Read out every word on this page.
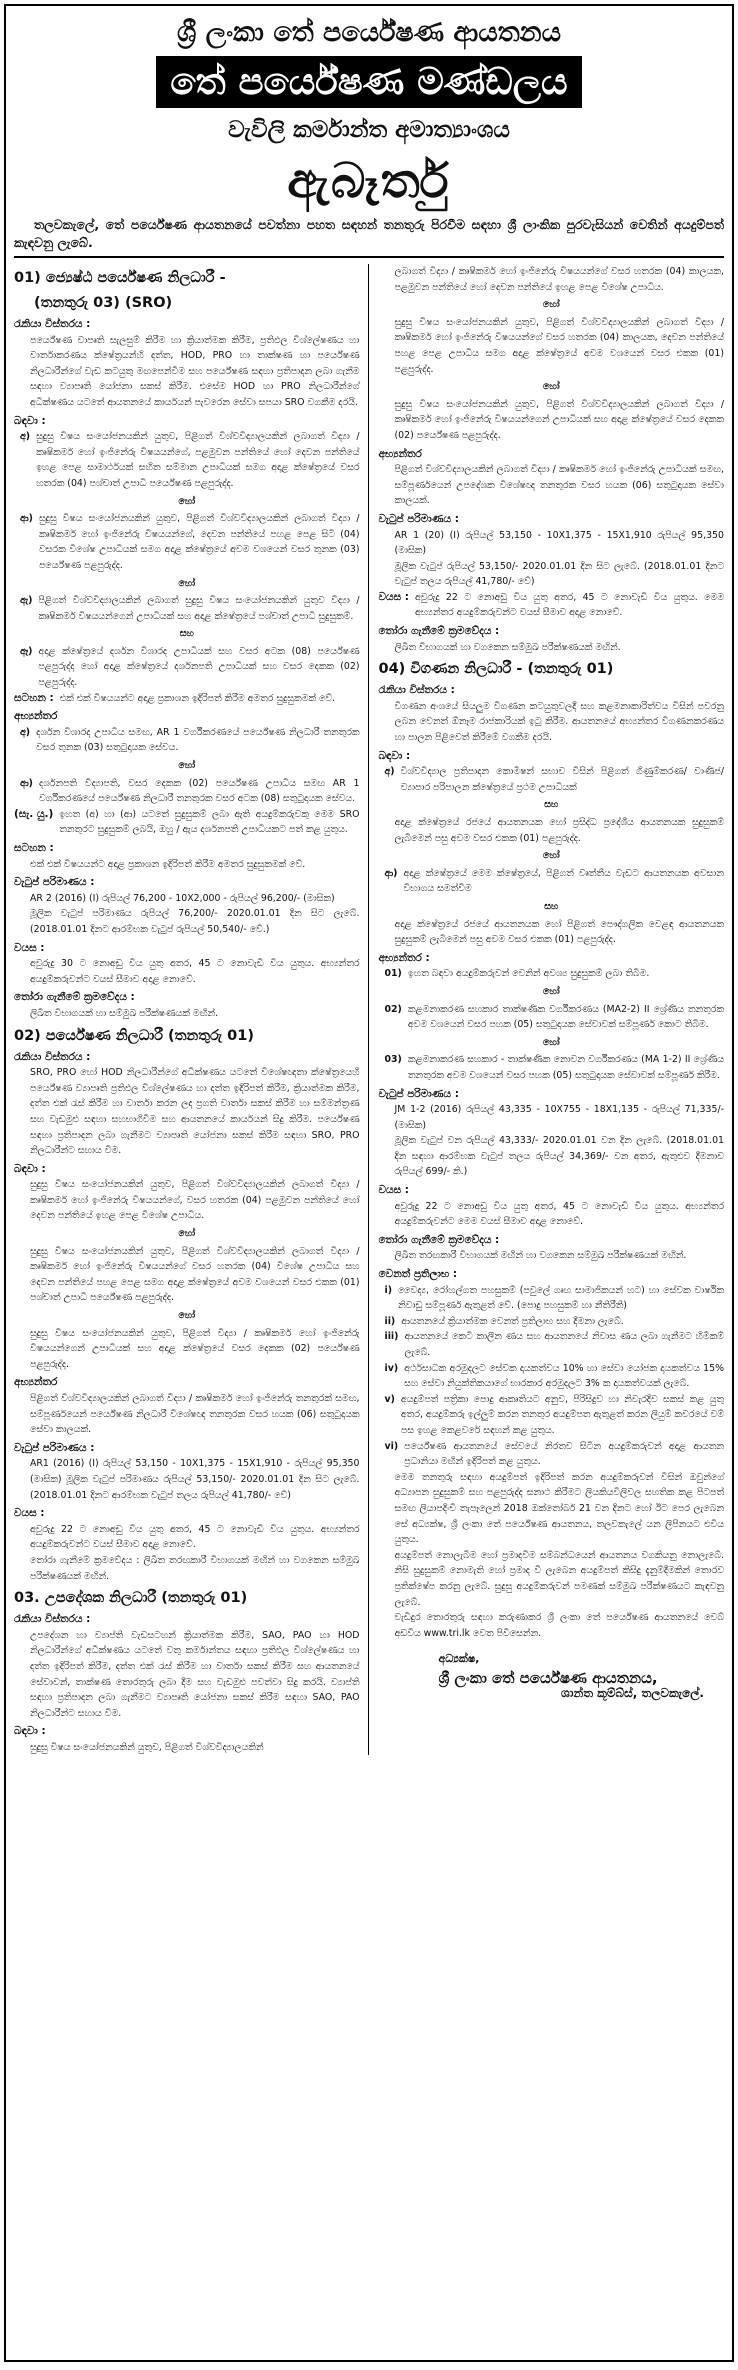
ශ්‍රී ලංකා තේ පර්යේෂණ ආයතනය
තේ පර්යේෂණ මණ්ඩලය
වැවිලි කර්මාන්ත අමාත්‍යාංශය
ඇබෑර්තු
තලවකැලේ, තේ පර්යේෂණ ආයතනයේ පවත්නා පහත සඳහන් තනතුරු පිරවීම සඳහා ශ්‍රී ලාංකික පුරවැසියන් වෙතින් අයදුම්පත් කැඳවනු ලැබේ.
01) ජ්‍යෙෂ්ඨ පර්යේෂණ නිලධාරී -
(තනතුරු 03) (SRO)
රැකියා විස්තරය :
පර්යේෂණ වාපෘති සැලසුම් කිරීම හා ක්‍රියාත්මක කිරීම, ප්‍රතිඵල විශ්ලේෂණය හා වාර්තාකරණය ක්ෂේත්‍රයන්හි දත්ත, HOD, PRO හා තාක්ෂණ හා පර්යේෂණ නිලධාරීන්ගේ වැඩ කටයුතු මඟපෙන්වීම සහ පර්යේෂණ සඳහා ප්‍රතිපාදන ලබා ගැනීම සඳහා ව්‍යාපෘති යෝජනා සකස් කිරීම. එසේම HOD හා PRO නිලධාරීන්ගේ අධීක්ෂණය යටතේ ආයතනයේ කාර්යයන් පැවරෙන සේවා සපයා SRO වගකීම දරයි.
බඳවා :
අ) සුදුසු විෂය සංයෝජනයකින් යුතුව, පිළිගත් විශ්වවිද්‍යාලයකින් ලබාගත් විද්‍යා / කෘෂිකර්ම හෝ ඉංජිනේරු විෂයයන්ගේ, පළමුවන පන්තියේ හෝ දෙවන පන්තියේ ඉහළ පෙළ සාමාර්ථයක් සහිත සම්මාන උපාධියක් සමග අදාළ ක්ෂේත්‍රයේ වසර හතරක (04) පශ්චාත් උපාධි පර්යේෂණ පළපුරුද්ද.
හෝ
ආ) සුදුසු විෂය සංයෝජනයකින් යුතුව, පිළිගත් විශ්වවිද්‍යාලයකින් ලබාගත් විද්‍යා / කෘෂිකර්ම හෝ ඉංජිනේරු විෂයයන්ගේ, දෙවන පන්තියේ පහළ පෙළ සිටි (04) වසරක විශේෂ උපාධියක් සමග අදාළ ක්ෂේත්‍රයේ අවම වශයෙන් වසර තුනක (03) පර්යේෂණ පළපුරුද්ද.
හෝ
ඇ) පිළිගත් විශ්වවිද්‍යාලයකින් ලබාගත් සුදුසු විෂය සංයෝජනයකින් යුතුව විද්‍යා / කෘෂිකර්ම විෂයයන්ගෙන් උපාධියක් සහ අදාළ ක්ෂේත්‍රයේ පශ්චාත් උපාධි සුදුසුකම්.
සහ
ඈ) අදාළ ක්ෂේත්‍රයේ දර්ශන විශාරද උපාධියක් සහ වසර අටක (08) පර්යේෂණ පළපුරුද්ද හෝ අදාළ ක්ෂේත්‍රයේ දර්ශනපති උපාධියක් සහ වසර දෙකක (02) පළපුරුද්ද.
සටහන : එක් එක් විෂයයන්ට අදාළ ප්‍රකාශන ඉදිරිපත් කිරීම අමතර සුදුසුකමක් වේ.
අභ්‍යන්තර
අ) දර්ශන විශාරද උපාධිය සමඟ, AR 1 වර්ගීකරණයේ පර්යේෂණ නිලධාරී තනතුරක වසර තුනක (03) සතුටුදායක සේවය.
හෝ
ආ) දර්ශනපති විද්‍යාපති, වසර දෙකක (02) පර්යේෂණ උපාධිය සමඟ AR 1 වර්ගීකරණයේ පර්යේෂණ නිලධාරී තනතුරක වසර අටක (08) සතුටුදායක සේවය.
(සැ. යු.) ඉහත (අ) හා (ආ) යටතේ සුදුසුකම් ලබා ඇති අයදුම්කරුවකු මෙම SRO තනතුරට සුදුසුකම් ලබයි, ඔහු / ඇය දර්ශනපති උපාධියකට පත් කළ යුතුය.
සටහන :
එක් එක් විෂයයන්ට අදාළ ප්‍රකාශන ඉදිරිපත් කිරීම අමතර සුදුසුකමක් වේ.
වැටුප් පරිමාණය :
AR 2 (2016) (I) රුපියල් 76,200 - 10X2,000 - රුපියල් 96,200/- (මාසික)
මූලික වැටුප් පරිමාණය රුපියල් 76,200/- 2020.01.01 දින සිට ලැබේ. (2018.01.01 දිනට ආරම්භක වැටුප් රුපියල් 50,540/- වේ.)
වයස :
අවුරුදු 30 ට නොඅඩු විය යුතු අතර, 45 ට නොවැඩි විය යුතුය. අභ්‍යන්තර අයදුම්කරුවන්ට වයස් සීමාව අදාළ නොවේ.
තෝරා ගැනීමේ ක්‍රමවේදය :
ලිඛිත විභාගයක් හා සම්මුඛ පරීක්ෂණයක් මඟින්.
02) පර්යේෂණ නිලධාරී (තනතුරු 01)
රැකියා විස්තරය :
SRO, PRO හෝ HOD නිලධාරීන්ගේ අධීක්ෂණය යටතේ විශේෂඥතා ක්ෂේත්‍රයෙහි පර්යේෂණ ව්‍යාපෘති ප්‍රතිඵල විශ්ලේෂණය හා දත්ත ඉදිරිපත් කිරීම, ක්‍රියාත්මක කිරීම, දත්ත එක් රැස් කිරීම හා වාර්තා කරන ලද ප්‍රගති වාර්තා සකස් කිරීම හා සම්මන්ත්‍රණ සහ වැඩමුළු සඳහා සහභාගිවීම සහ ආයතනයේ කාර්යයන් සිදු කිරීම. පර්යේෂණ සඳහා ප්‍රතිපාදන ලබා ගැනීමට ව්‍යාපෘති යෝජනා සකස් කිරීම සඳහා SRO, PRO නිලධාරීන්ට සහාය වීම.
බඳවා :
සුදුසු විෂය සංයෝජනයකින් යුතුව, පිළිගත් විශ්වවිද්‍යාලයකින් ලබාගත් විද්‍යා / කෘෂිකර්ම හෝ ඉංජිනේරු විෂයයන්ගේ, වසර හතරක (04) පළමුවන පන්තියේ හෝ දෙවන පන්තියේ ඉහළ පෙළ විශේෂ උපාධිය.
හෝ
සුදුසු විෂය සංයෝජනයකින් යුතුව, පිළිගත් විශ්වවිද්‍යාලයකින් ලබාගත් විද්‍යා / කෘෂිකර්ම හෝ ඉංජිනේරු විෂයයන්ගේ වසර හතරක (04) විශේෂ උපාධිය සහ දෙවන පන්තියේ පහළ පෙළ සමග අදාළ ක්ෂේත්‍රයේ අවම වශයෙන් වසර එකක (01) පශ්චාත් උපාධි පර්යේෂණ පළපුරුද්ද.
හෝ
සුදුසු විෂය සංයෝජනයකින් යුතුව, පිළිගත් විද්‍යා / කෘෂිකර්ම හෝ ඉංජිනේරු විෂයයන්ගෙන් උපාධියක් සහ අදාළ ක්ෂේත්‍රයේ වසර දෙකක (02) පර්යේෂණ පළපුරුද්ද.
අභ්‍යන්තර
පිළිගත් විශ්වවිද්‍යාලයකින් ලබාගත් විද්‍යා / කෘෂිකර්ම හෝ ඉංජිනේරු තනතුරක් සමඟ, සම්පූර්ණයෙන් පර්යේෂණ නිලධාරී විශේෂඥ තනතුරක වසර හයක (06) සතුටුදායක සේවා කාලයක්.
වැටුප් පරිමාණය :
AR1 (2016) (I) රුපියල් 53,150 - 10X1,375 - 15X1,910 - රුපියල් 95,350 (මාසික) මූලික වැටුප් පරිමාණය රුපියල් 53,150/- 2020.01.01 දින සිට ලැබේ. (2018.01.01 දිනට ආරම්භක වැටුප් තලය රුපියල් 41,780/- වේ)
වයස :
අවුරුදු 22 ට නොඅඩු විය යුතු අතර, 45 ට නොවැඩි විය යුතුය. අභ්‍යන්තර අයදුම්කරුවන්ට වයස් සීමාව අදාළ නොවේ.
තෝරා ගැනීමේ ක්‍රමවේදය : ලිඛිත තරඟකාරී විභාගයක් මඟින් හා වගකෙන සම්මුඛ පරීක්ෂණයක් මඟින්.
03. උපදේශක නිලධාරී (තනතුරු 01)
රැකියා විස්තරය :
උපදේශන හා ව්‍යාප්ති වැඩසටහන් ක්‍රියාත්මක කිරීම, SAO, PAO හා HOD නිලධාරීන්ගේ අධීක්ෂණය යටතේ වතු කර්මාන්තය සඳහා ප්‍රතිඵල විශ්ලේෂණය හා දත්ත ඉදිරිපත් කිරීම, දත්ත එක් රැස් කිරීම හා වාර්තා සකස් කිරීම සහ ආයතනයේ සේවාවන්, තාක්ෂණ තොරතුරු ලබා දීම සහ වැඩමුළු පවත්වා සිදු කරයි. ව්‍යාප්ති සඳහා ප්‍රතිපාදන ලබා ගැනීමට ව්‍යාපෘති යෝජනා සකස් කිරීම සඳහා SAO, PAO නිලධාරීන්ට සහාය වීම.
බඳවා :
සුදුසු විෂය සංයෝජනයකින් යුතුව, පිළිගත් විශ්වවිද්‍යාලයකින්
ලබාගත් විද්‍යා / කෘෂිකර්ම හෝ ඉංජිනේරු විෂයයන්ගේ වසර හතරක (04) කාලයක, පළමුවන පන්තියේ හෝ දෙවන පන්තියේ ඉහළ පෙළ විශේෂ උපාධිය.
හෝ
සුදුසු විෂය සංයෝජනයකින් යුතුව, පිළිගත් විශ්වවිද්‍යාලයකින් ලබාගත් විද්‍යා / කෘෂිකර්ම හෝ ඉංජිනේරු විෂයයන්ගේ වසර හතරක (04) කාලයක, දෙවන පන්තියේ පහළ පෙළ උපාධිය සමග අදාළ ක්ෂේත්‍රයේ අවම වශයෙන් වසර එකක (01) පළපුරුද්ද.
හෝ
සුදුසු විෂය සංයෝජනයකින් යුතුව, පිළිගත් විශ්වවිද්‍යාලයකින් ලබාගත් විද්‍යා / කෘෂිකර්ම හෝ ඉංජිනේරු විෂයයන්ගෙන් උපාධියක් සහ අදාළ ක්ෂේත්‍රයේ වසර දෙකක (02) පර්යේෂණ පළපුරුද්ද.
අභ්‍යන්තර
පිළිගත් විශ්වවිද්‍යාලයකින් ලබාගත් විද්‍යා / කෘෂිකර්ම හෝ ඉංජිනේරු උපාධියක් සමඟ, සම්පූර්ණයෙන් උපදේශක විශේෂඥ තනතුරක වසර හයක (06) සතුටුදායක සේවා කාලයක්.
වැටුප් පරිමාණය :
AR 1 (20) (I) රුපියල් 53,150 - 10X1,375 - 15X1,910 රුපියල් 95,350 (මාසික)
මූලික වැටුප් රුපියල් 53,150/- 2020.01.01 දින සිට ලැබේ. (2018.01.01 දිනට වැටුප් තලය රුපියල් 41,780/- වේ)
වයස : අවුරුදු 22 ට නොඅඩු විය යුතු අතර, 45 ට නොවැඩි විය යුතුය. මෙම අභ්‍යන්තර අයදුම්කරුවන්ට වයස් සීමාව අදාළ නොවේ.
තෝරා ගැනීමේ ක්‍රමවේදය :
ලිඛිත විභාගයක් හා වගකෙන සම්මුඛ පරීක්ෂණයක් මඟින්.
04) විගණන නිලධාරී - (තනතුරු 01)
රැකියා විස්තරය :
විගණන අංශයේ සියලුම විගණන කටයුතුවලදී සහ කළමනාකාරිත්වය විසින් පවරනු ලබන වෙනත් ඕනෑම රාජකාරියක් ඉටු කිරීම. ආයතනයේ අභ්‍යන්තර විගණනකරණය හා පාලන පිළිවෙත් කිරීමේ වගකීම දරයි.
බඳවා :
අ) විශ්වවිද්‍යාල ප්‍රතිපාදන කොමිෂන් සභාව විසින් පිළිගත් ගිණුම්කරණ/ වාණිජ/ ව්‍යාපාර පරිපාලන ක්ෂේත්‍රයේ ප්‍රථම උපාධියක්
සහ
අදාළ ක්ෂේත්‍රයේ රජයේ ආයතනයක හෝ ප්‍රසිද්ධ ප්‍රදේශීය ආයතනයක සුදුසුකම් ලැබීමෙන් පසු අවම වසර එකක (01) පළපුරුද්ද.
හෝ
ආ) අදාළ ක්ෂේත්‍රයේ මෙම ක්ෂේත්‍රයේ, පිළිගත් වෘත්තීය වැඩට ආයතනයක අවසාන විභාගය සමත්වීම
සහ
අදාළ ක්ෂේත්‍රයේ රජයේ ආයතනයක හෝ පිළිගත් පෞද්ගලික වෙළඳ ආයතනයක සුදුසුකම් ලැබීමෙන් පසු අවම වසර එකක (01) පළපුරුද්ද.
අභ්‍යන්තර :
01) ඉහත බඳවා අයදුම්කරුවන් වෙනින් අවශ්‍ය සුදුසුකම් ලබා තිබීම.
හෝ
02) කළමනාකරණ සහකාර තාක්ෂණික වර්ගීකරණය (MA2-2) II ශ්‍රේණිය තනතුරක අවම වශයෙන් වසර පහක (05) සතුටුදායක සේවාවක් සම්පූර්ණ කොට තිබීම.
හෝ
03) කළමනාකරණ සහකාර - තාක්ෂණික නොවන වර්ගීකරණය (MA 1-2) II ශ්‍රේණිය තනතුරක අවම වශයෙන් වසර පහක (05) සතුටුදායක සේවාවක් සම්පූර්ණ කිරීම.
වැටුප් පරිමාණය :
JM 1-2 (2016) රුපියල් 43,335 - 10X755 - 18X1,135 - රුපියල් 71,335/- (මාසික)
මූලික වැටුප් වන රුපියල් 43,333/- 2020.01.01 වන දින ලැබේ. (2018.01.01 දින සඳහා ආරම්භක වැටුප් තලය රුපියල් 34,369/- වන අතර, ඇතුළුව දීමනාව රුපියල් 699/- කි.)
වයස :
අවුරුදු 22 ට නොඅඩු විය යුතු අතර, 45 ට නොවැඩි විය යුතුය. අභ්‍යන්තර අයදුම්කරුවන්ට මෙම වයස් සීමාව අදාළ නොවේ.
තෝරා ගැනීමේ ක්‍රමවේදය :
ලිඛිත තරඟකාරී විභාගයක් මඟින් හා වගකෙන සම්මුඛ පරීක්ෂණයක් මඟින්.
වෙනත් ප්‍රතිලාභ :
i) වෛද්‍ය, රෝහල්ගත පහසුකම් (පවුලේ ගෘහ සාමාජිකයන් හට) හා සේවක වාර්ෂික නිවාඩු සම්පූර්ණ ඇතුළත් වේ. (පොදු පහසුකම් හා නීතිරීති)
ii) ආයතනයේ ක්‍රියාත්මක වෙනත් ප්‍රතිලාභ සහ දීමනා ලැබේ.
iii) ආයතනයේ කෙටි කාලීන ණය සහ ආයතනයේ නිවාස ණය ලබා ගැනීමට හිමිකම් ලැබේ.
iv) අර්ථසාධක අරමුදලට සේවක දායකත්වය 10% හා සේවා යෝජක දායකත්වය 15% සහ සේවා නියුක්තිකයාගේ භාරකාර අරමුදලට 3% ක දායකත්වයක් ලැබේ.
v) අයදුම්පත් පත්‍රිකා පොදු ආකෘතියට අනුව, පිරිසිදුව හා නිවැරදිව සකස් කළ යුතු අතර, අයදුම්කරු ඉල්ලුම් කරන තනතුර අයදුම්පත ඇතුළත් කරන ලියුම් කවරයේ වම් පස ඉහළ කෙළවරේ සඳහන් කළ යුතුය.
vi) පර්යේෂණ ආයතනයේ සේවයේ නිරතව සිටින අයදුම්කරුවන් අදාළ ආයතන ප්‍රධානියා මඟින් ඉදිරිපත් කළ යුතුය.
මෙම තනතුරු සඳහා අයදුම්පත් ඉදිරිපත් කරන අයදුම්කරුවන් විසින් ඔවුන්ගේ අධ්‍යාපන සුදුසුකම් සහ පළපුරුද්ද සනාථ කිරීමට ලියකියවිලිවල සහතික කළ පිටපත් සමඟ ලියාපදිංචි තැපෑලෙන් 2018 ඔක්තෝබර් 21 වන දිනට හෝ ඊට පෙර ලැබෙන සේ අධ්‍යක්ෂ, ශ්‍රී ලංකා තේ පර්යේෂණ ආයතනය, තලවකැලේ යන ලිපිනයට එවිය යුතුය.
අයදුම්පත් නොලැබීම හෝ ප්‍රමාදවීම සම්බන්ධයෙන් ආයතනය වගකියනු නොලැබේ. නිසි සුදුසුකම් නොමැති හෝ ප්‍රමාද වී ලැබෙන අයදුම්පත් කිසිදු දැනුම්දීමකින් තොරව ප්‍රතික්ෂේප කරනු ලැබේ. සුදුසු අයදුම්කරුවන් පමණක් සම්මුඛ පරීක්ෂණයට කැඳවනු ලැබේ.
වැඩිදුර තොරතුරු සඳහා කරුණාකර ශ්‍රී ලංකා තේ පර්යේෂණ ආයතනයේ වෙබ් අඩවිය www.tri.lk වෙත පිවිසෙන්න.
අධ්‍යක්ෂ,
ශ්‍රී ලංකා තේ පර්යේෂණ ආයතනය,
ශාන්ත කූම්බ්ස්, තලවකැලේ.
